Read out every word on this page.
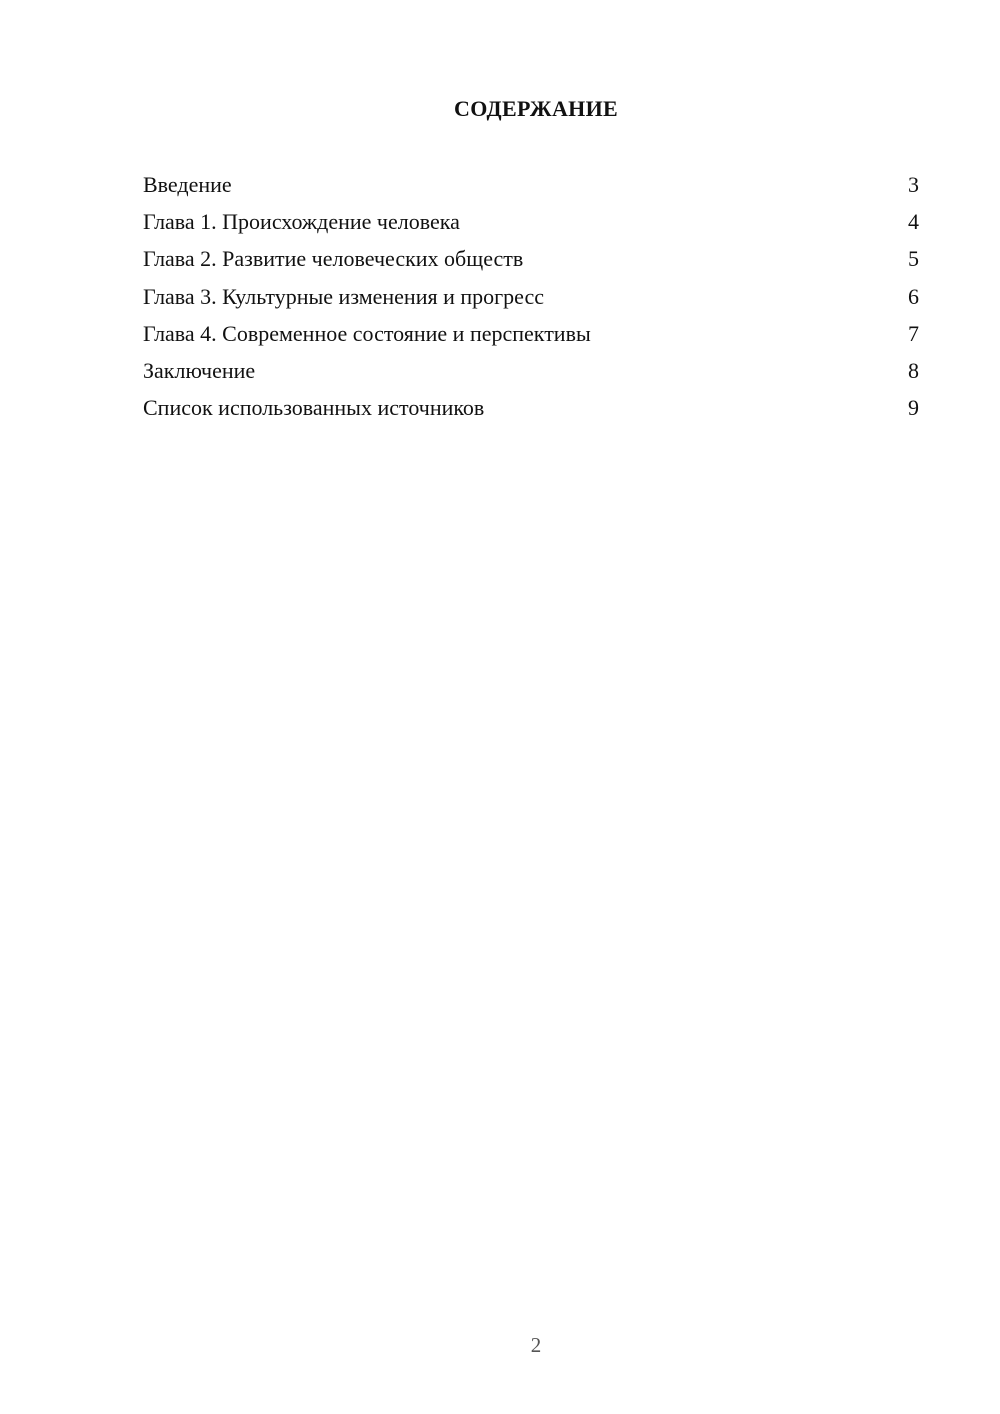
СОДЕРЖАНИЕ
Введение	3
Глава 1. Происхождение человека	4
Глава 2. Развитие человеческих обществ	5
Глава 3. Культурные изменения и прогресс	6
Глава 4. Современное состояние и перспективы	7
Заключение	8
Список использованных источников	9
2
